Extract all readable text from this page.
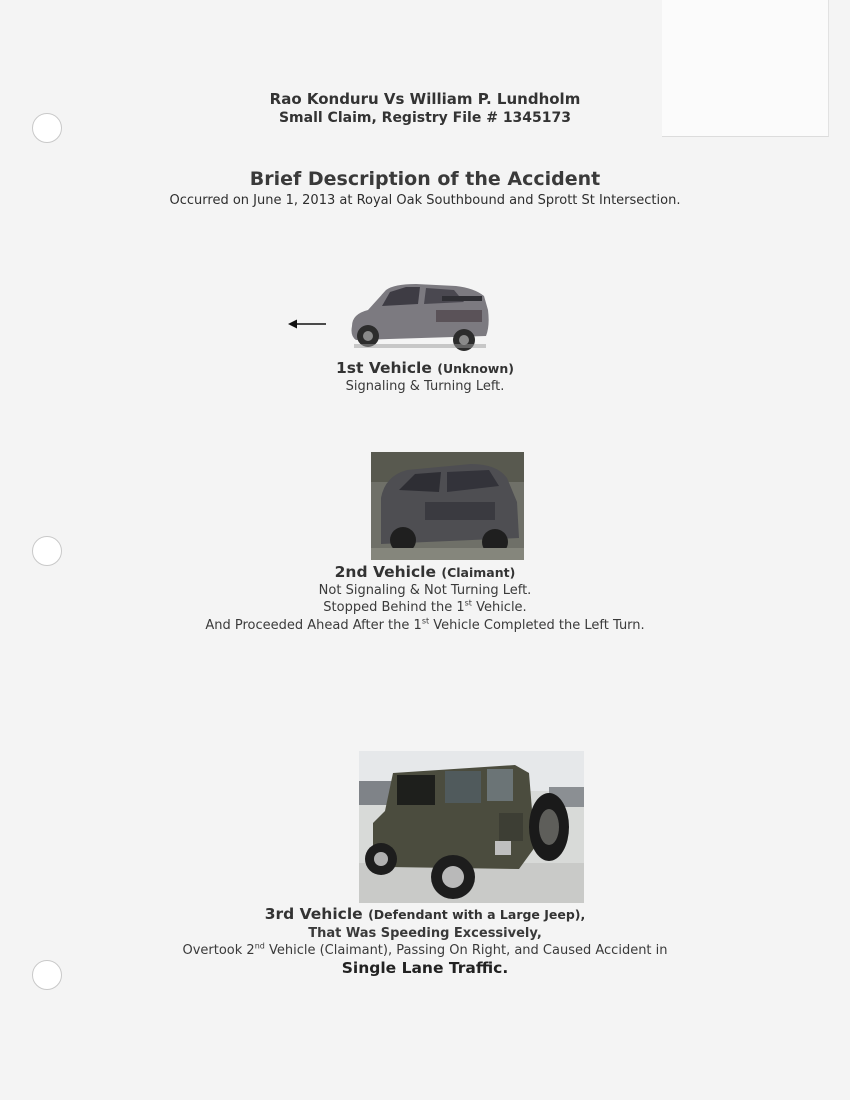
Rao Konduru Vs William P. Lundholm
Small Claim, Registry File # 1345173
Brief Description of the Accident
Occurred on June 1, 2013 at Royal Oak Southbound and Sprott St Intersection.
1st Vehicle (Unknown)
Signaling & Turning Left.
2nd Vehicle (Claimant)
Not Signaling & Not Turning Left.
Stopped Behind the 1st Vehicle.
And Proceeded Ahead After the 1st Vehicle Completed the Left Turn.
3rd Vehicle (Defendant with a Large Jeep),
That Was Speeding Excessively,
Overtook 2nd Vehicle (Claimant), Passing On Right, and Caused Accident in
Single Lane Traffic.
